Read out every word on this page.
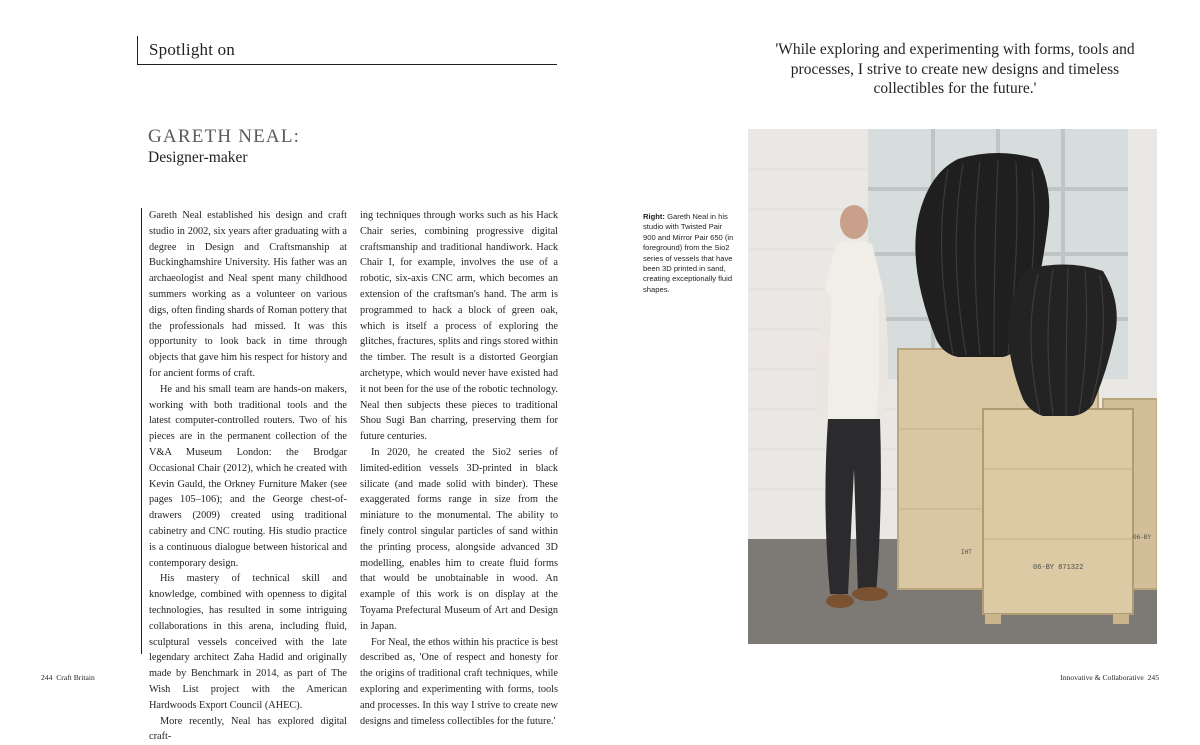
Spotlight on
GARETH NEAL:
Designer-maker

Gareth Neal established his design and craft studio in 2002, six years after graduating with a degree in Design and Craftsmanship at Buckinghamshire University. His father was an archaeologist and Neal spent many childhood summers working as a volunteer on various digs, often finding shards of Roman pottery that the professionals had missed. It was this opportunity to look back in time through objects that gave him his respect for history and for ancient forms of craft.

He and his small team are hands-on makers, working with both traditional tools and the latest computer-controlled routers. Two of his pieces are in the permanent collection of the V&A Museum London: the Brodgar Occasional Chair (2012), which he created with Kevin Gauld, the Orkney Furniture Maker (see pages 105–106); and the George chest-of-drawers (2009) created using traditional cabinetry and CNC routing. His studio practice is a continuous dialogue between historical and contemporary design.

His mastery of technical skill and knowledge, combined with openness to digital technologies, has resulted in some intriguing collaborations in this arena, including fluid, sculptural vessels conceived with the late legendary architect Zaha Hadid and originally made by Benchmark in 2014, as part of The Wish List project with the American Hardwoods Export Council (AHEC).

More recently, Neal has explored digital craft-

ing techniques through works such as his Hack Chair series, combining progressive digital craftsmanship and traditional handiwork. Hack Chair I, for example, involves the use of a robotic, six-axis CNC arm, which becomes an extension of the craftsman's hand. The arm is programmed to hack a block of green oak, which is itself a process of exploring the glitches, fractures, splits and rings stored within the timber. The result is a distorted Georgian archetype, which would never have existed had it not been for the use of the robotic technology. Neal then subjects these pieces to traditional Shou Sugi Ban charring, preserving them for future centuries.

In 2020, he created the Sio2 series of limited-edition vessels 3D-printed in black silicate (and made solid with binder). These exaggerated forms range in size from the miniature to the monumental. The ability to finely control singular particles of sand within the printing process, alongside advanced 3D modelling, enables him to create fluid forms that would be unobtainable in wood. An example of this work is on display at the Toyama Prefectural Museum of Art and Design in Japan.

For Neal, the ethos within his practice is best described as, 'One of respect and honesty for the origins of traditional craft techniques, while exploring and experimenting with forms, tools and processes. In this way I strive to create new designs and timeless collectibles for the future.'

'While exploring and experimenting with forms, tools and processes, I strive to create new designs and timeless collectibles for the future.'
Right: Gareth Neal in his studio with Twisted Pair 900 and Mirror Pair 650 (in foreground) from the Sio2 series of vessels that have been 3D printed in sand, creating exceptionally fluid shapes.
06-BY 871322
06-BY
IHT
244 Craft Britain	Innovative & Collaborative 245
